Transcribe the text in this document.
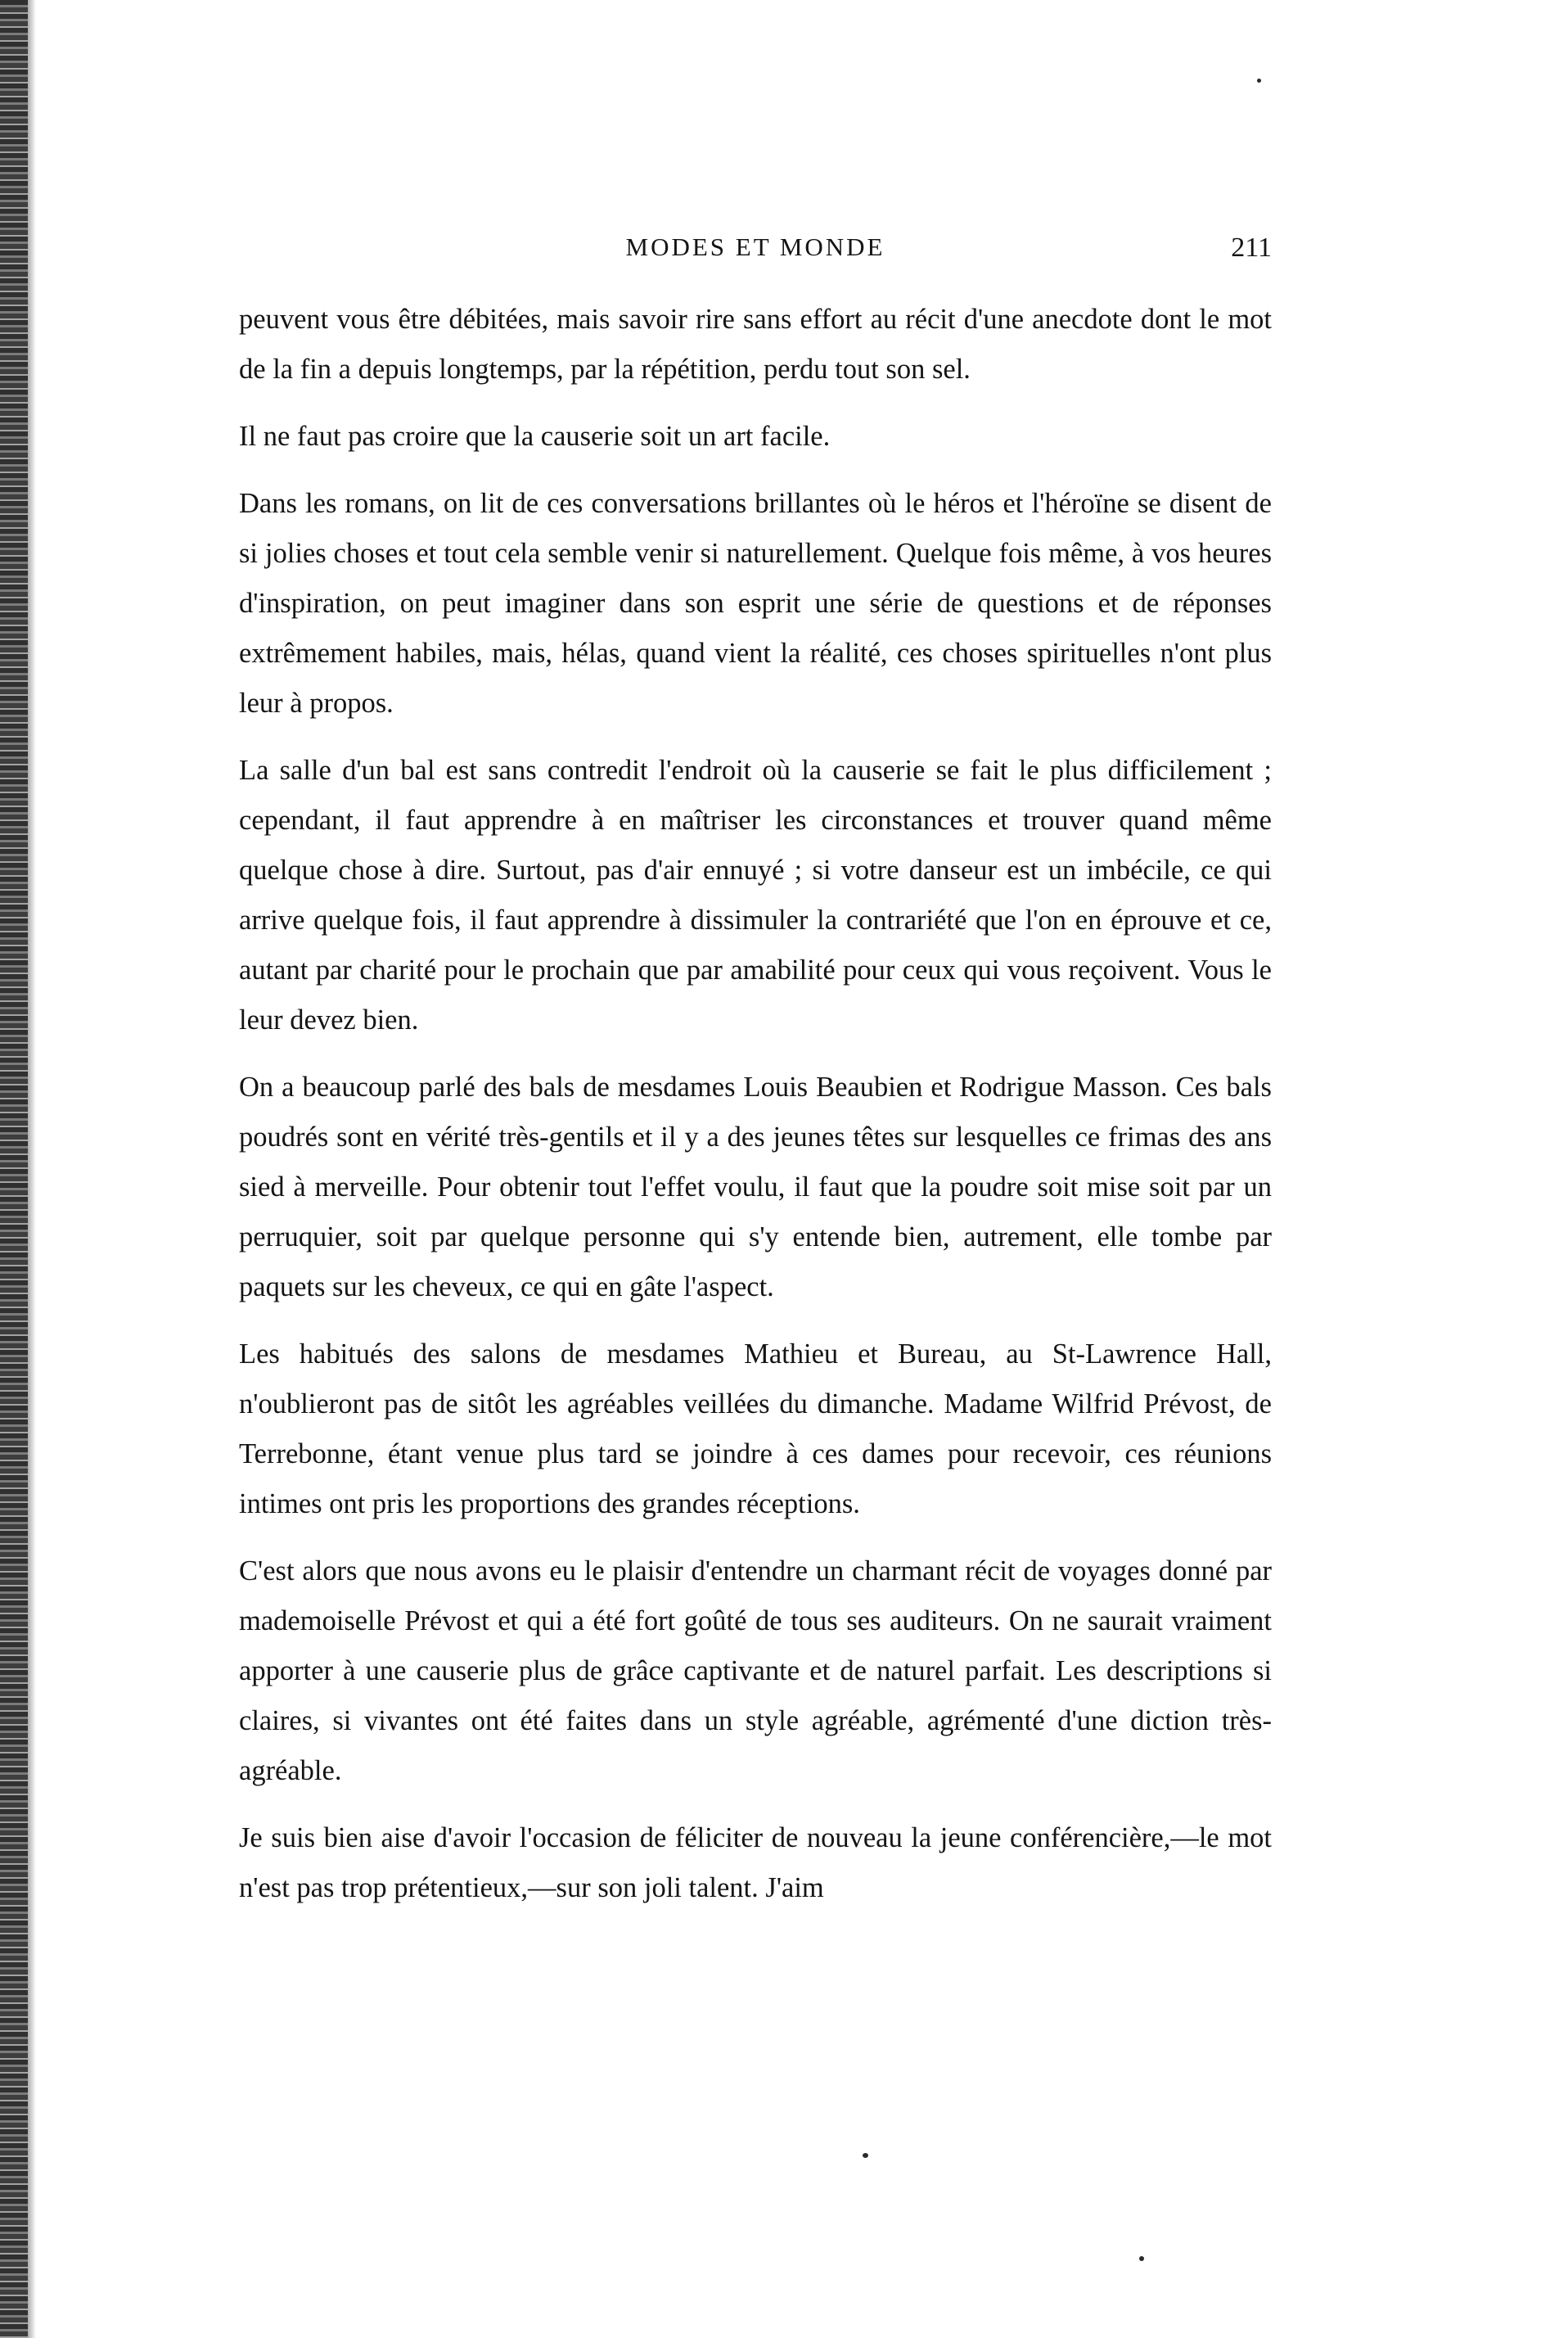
MODES ET MONDE	211

peuvent vous être débitées, mais savoir rire sans effort au récit d'une anecdote dont le mot de la fin a depuis longtemps, par la répétition, perdu tout son sel.

Il ne faut pas croire que la causerie soit un art facile.

Dans les romans, on lit de ces conversations brillantes où le héros et l'héroïne se disent de si jolies choses et tout cela semble venir si naturellement. Quelque fois même, à vos heures d'inspiration, on peut imaginer dans son esprit une série de questions et de réponses extrêmement habiles, mais, hélas, quand vient la réalité, ces choses spirituelles n'ont plus leur à propos.

La salle d'un bal est sans contredit l'endroit où la causerie se fait le plus difficilement ; cependant, il faut apprendre à en maîtriser les circonstances et trouver quand même quelque chose à dire. Surtout, pas d'air ennuyé ; si votre danseur est un imbécile, ce qui arrive quelque fois, il faut apprendre à dissimuler la contrariété que l'on en éprouve et ce, autant par charité pour le prochain que par amabilité pour ceux qui vous reçoivent. Vous le leur devez bien.

On a beaucoup parlé des bals de mesdames Louis Beaubien et Rodrigue Masson. Ces bals poudrés sont en vérité très-gentils et il y a des jeunes têtes sur lesquelles ce frimas des ans sied à merveille. Pour obtenir tout l'effet voulu, il faut que la poudre soit mise soit par un perruquier, soit par quelque personne qui s'y entende bien, autrement, elle tombe par paquets sur les cheveux, ce qui en gâte l'aspect.

Les habitués des salons de mesdames Mathieu et Bureau, au St-Lawrence Hall, n'oublieront pas de sitôt les agréables veillées du dimanche. Madame Wilfrid Prévost, de Terrebonne, étant venue plus tard se joindre à ces dames pour recevoir, ces réunions intimes ont pris les proportions des grandes réceptions.

C'est alors que nous avons eu le plaisir d'entendre un charmant récit de voyages donné par mademoiselle Prévost et qui a été fort goûté de tous ses auditeurs. On ne saurait vraiment apporter à une causerie plus de grâce captivante et de naturel parfait. Les descriptions si claires, si vivantes ont été faites dans un style agréable, agrémenté d'une diction très-agréable.

Je suis bien aise d'avoir l'occasion de féliciter de nouveau la jeune conférencière,—le mot n'est pas trop prétentieux,—sur son joli talent. J'aim
